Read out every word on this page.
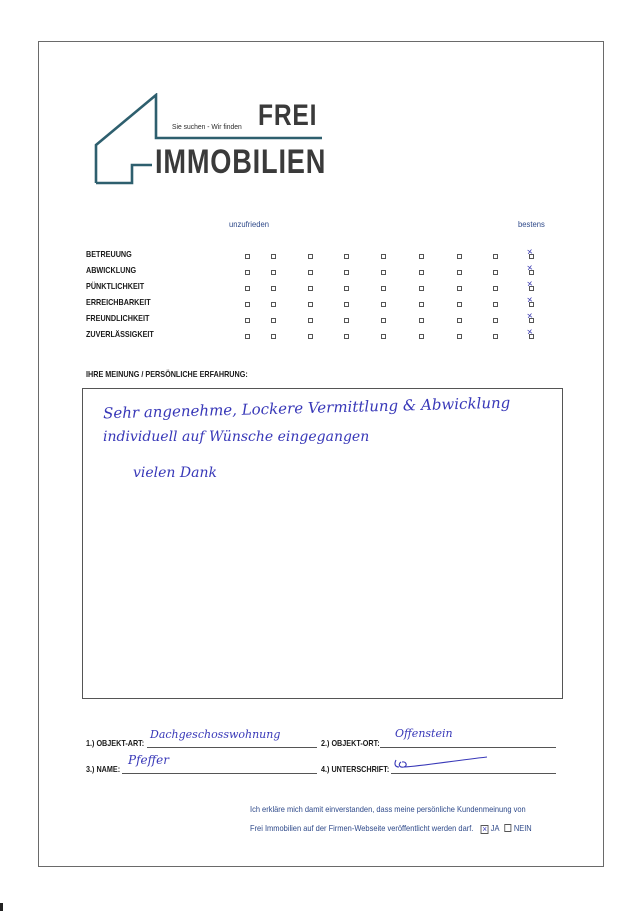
Sie suchen - Wir finden FREI
IMMOBILIEN
unzufrieden	bestens
BETREUUNG
ABWICKLUNG
PÜNKTLICHKEIT
ERREICHBARKEIT
FREUNDLICHKEIT
ZUVERLÄSSIGKEIT
×
×
×
×
×
×
IHRE MEINUNG / PERSÖNLICHE ERFAHRUNG:
Sehr angenehme, Lockere Vermittlung & Abwicklung
individuell auf Wünsche eingegangen
vielen Dank
1.) OBJEKT-ART:
Dachgeschosswohnung
2.) OBJEKT-ORT:
Offenstein
3.) NAME:
Pfeffer
4.) UNTERSCHRIFT:
Ich erkläre mich damit einverstanden, dass meine persönliche Kundenmeinung von
Frei Immobilien auf der Firmen-Webseite veröffentlicht werden darf. × JA NEIN
